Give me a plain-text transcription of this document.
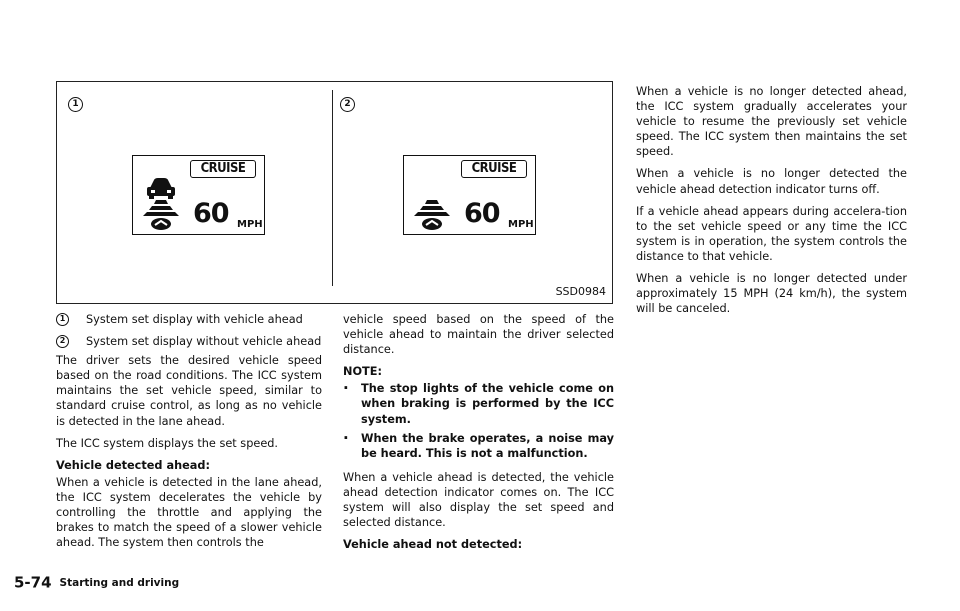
1	2
CRUISE
60 MPH
CRUISE
60 MPH
SSD0984

1	System set display with vehicle ahead

2	System set display without vehicle ahead

The driver sets the desired vehicle speed based on the road conditions. The ICC system maintains the set vehicle speed, similar to standard cruise control, as long as no vehicle is detected in the lane ahead.

The ICC system displays the set speed.

Vehicle detected ahead:

When a vehicle is detected in the lane ahead, the ICC system decelerates the vehicle by controlling the throttle and applying the brakes to match the speed of a slower vehicle ahead. The system then controls the

vehicle speed based on the speed of the vehicle ahead to maintain the driver selected distance.

NOTE:

. The stop lights of the vehicle come on when braking is performed by the ICC system.

. When the brake operates, a noise may be heard. This is not a malfunction.

When a vehicle ahead is detected, the vehicle ahead detection indicator comes on. The ICC system will also display the set speed and selected distance.

Vehicle ahead not detected:

When a vehicle is no longer detected ahead, the ICC system gradually accelerates your vehicle to resume the previously set vehicle speed. The ICC system then maintains the set speed.

When a vehicle is no longer detected the vehicle ahead detection indicator turns off.

If a vehicle ahead appears during accelera-tion to the set vehicle speed or any time the ICC system is in operation, the system controls the distance to that vehicle.

When a vehicle is no longer detected under approximately 15 MPH (24 km/h), the system will be canceled.

5-74 Starting and driving
